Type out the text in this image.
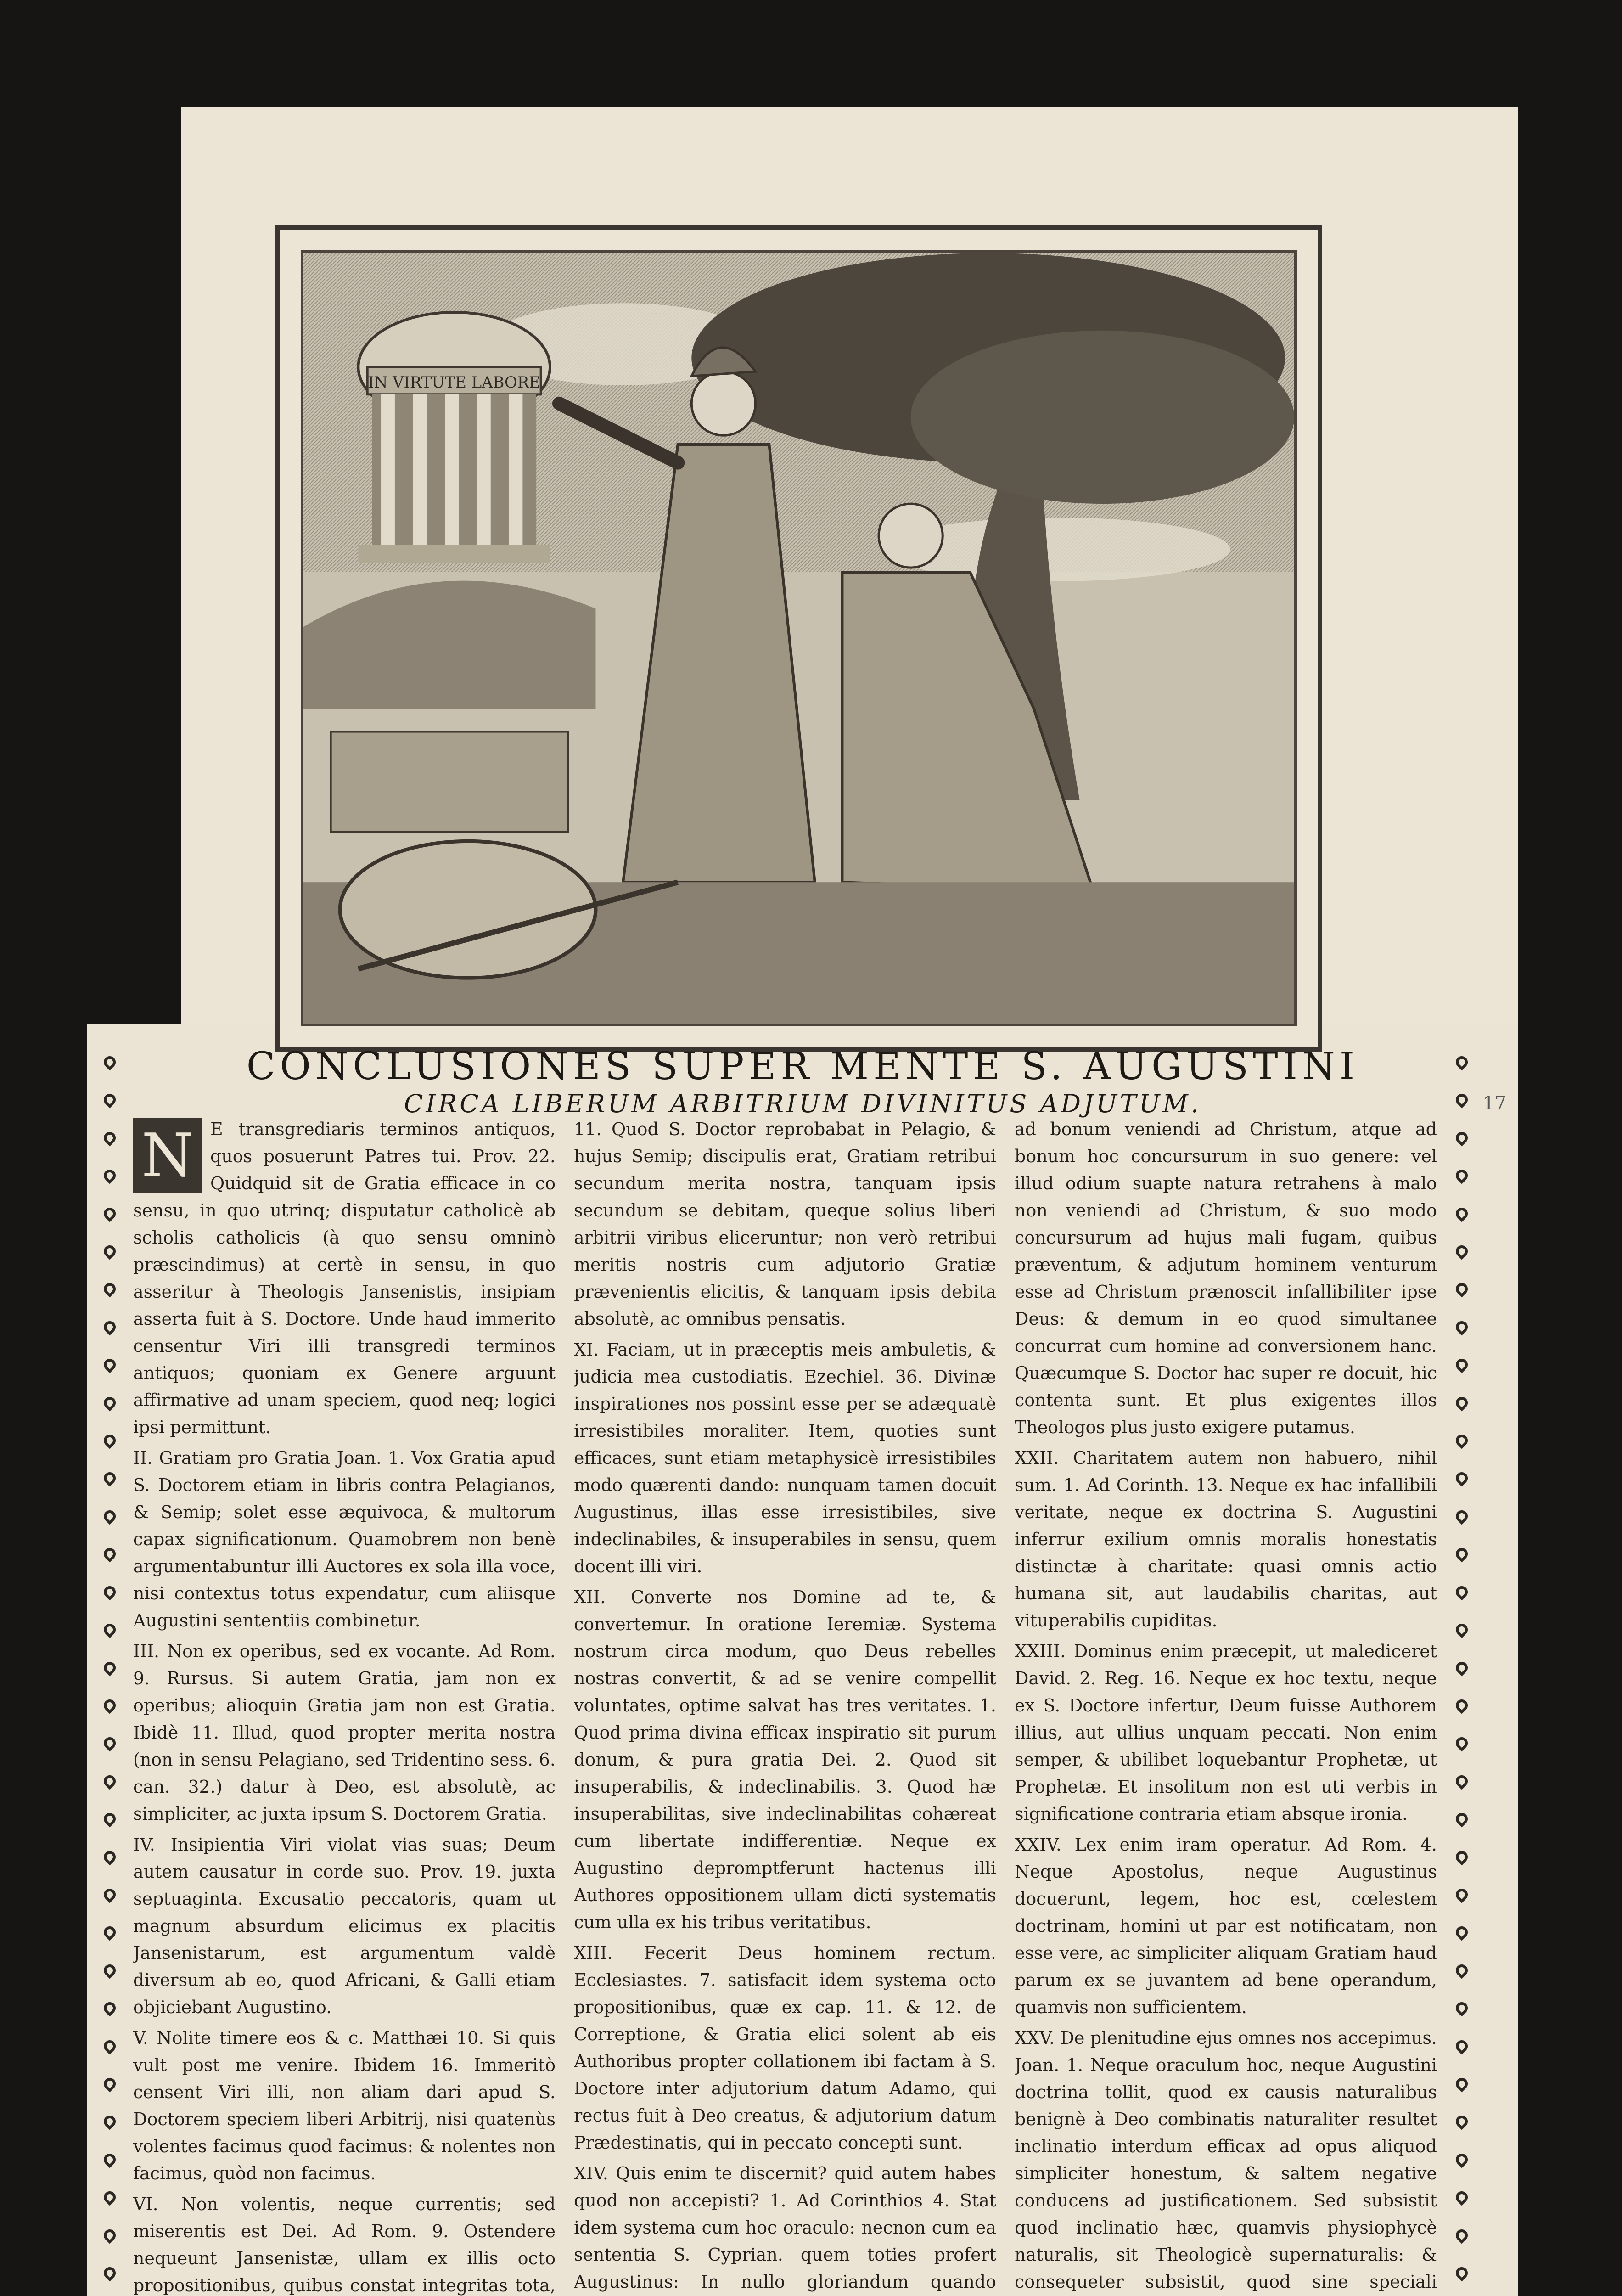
IN VIRTUTE LABORE
17
CONCLUSIONES SUPER MENTE S. AUGUSTINI
CIRCA LIBERUM ARBITRIUM DIVINITUS ADJUTUM.

N E transgrediaris terminos antiquos, quos posuerunt Patres tui. Prov. 22. Quidquid sit de Gratia efficace in co sensu, in quo utrinq; disputatur catholicè ab scholis catholicis (à quo sensu omninò præscindimus) at certè in sensu, in quo asseritur à Theologis Jansenistis, insipiam asserta fuit à S. Doctore. Unde haud immerito censentur Viri illi transgredi terminos antiquos; quoniam ex Genere arguunt affirmative ad unam speciem, quod neq; logici ipsi permittunt.

II. Gratiam pro Gratia Joan. 1. Vox Gratia apud S. Doctorem etiam in libris contra Pelagianos, & Semip; solet esse æquivoca, & multorum capax significationum. Quamobrem non benè argumentabuntur illi Auctores ex sola illa voce, nisi contextus totus expendatur, cum aliisque Augustini sententiis combinetur.

III. Non ex operibus, sed ex vocante. Ad Rom. 9. Rursus. Si autem Gratia, jam non ex operibus; alioquin Gratia jam non est Gratia. Ibidè 11. Illud, quod propter merita nostra (non in sensu Pelagiano, sed Tridentino sess. 6. can. 32.) datur à Deo, est absolutè, ac simpliciter, ac juxta ipsum S. Doctorem Gratia.

IV. Insipientia Viri violat vias suas; Deum autem causatur in corde suo. Prov. 19. juxta septuaginta. Excusatio peccatoris, quam ut magnum absurdum elicimus ex placitis Jansenistarum, est argumentum valdè diversum ab eo, quod Africani, & Galli etiam objiciebant Augustino.

V. Nolite timere eos & c. Matthæi 10. Si quis vult post me venire. Ibidem 16. Immeritò censent Viri illi, non aliam dari apud S. Doctorem speciem liberi Arbitrij, nisi quatenùs volentes facimus quod facimus: & nolentes non facimus, quòd non facimus.

VI. Non volentis, neque currentis; sed miserentis est Dei. Ad Rom. 9. Ostendere nequeunt Jansenistæ, ullam ex illis octo propositionibus, quibus constat integritas tota,

11. Quod S. Doctor reprobabat in Pelagio, & hujus Semip; discipulis erat, Gratiam retribui secundum merita nostra, tanquam ipsis secundum se debitam, queque solius liberi arbitrii viribus eliceruntur; non verò retribui meritis nostris cum adjutorio Gratiæ prævenientis elicitis, & tanquam ipsis debita absolutè, ac omnibus pensatis.

XI. Faciam, ut in præceptis meis ambuletis, & judicia mea custodiatis. Ezechiel. 36. Divinæ inspirationes nos possint esse per se adæquatè irresistibiles moraliter. Item, quoties sunt efficaces, sunt etiam metaphysicè irresistibiles modo quærenti dando: nunquam tamen docuit Augustinus, illas esse irresistibiles, sive indeclinabiles, & insuperabiles in sensu, quem docent illi viri.

XII. Converte nos Domine ad te, & convertemur. In oratione Ieremiæ. Systema nostrum circa modum, quo Deus rebelles nostras convertit, & ad se venire compellit voluntates, optime salvat has tres veritates. 1. Quod prima divina efficax inspiratio sit purum donum, & pura gratia Dei. 2. Quod sit insuperabilis, & indeclinabilis. 3. Quod hæ insuperabilitas, sive indeclinabilitas cohæreat cum libertate indifferentiæ. Neque ex Augustino depromptferunt hactenus illi Authores oppositionem ullam dicti systematis cum ulla ex his tribus veritatibus.

XIII. Fecerit Deus hominem rectum. Ecclesiastes. 7. satisfacit idem systema octo propositionibus, quæ ex cap. 11. & 12. de Correptione, & Gratia elici solent ab eis Authoribus propter collationem ibi factam à S. Doctore inter adjutorium datum Adamo, qui rectus fuit à Deo creatus, & adjutorium datum Prædestinatis, qui in peccato concepti sunt.

XIV. Quis enim te discernit? quid autem habes quod non accepisti? 1. Ad Corinthios 4. Stat idem systema cum hoc oraculo: necnon cum ea sententia S. Cyprian. quem toties profert Augustinus: In nullo gloriandum quando

ad bonum veniendi ad Christum, atque ad bonum hoc concursurum in suo genere: vel illud odium suapte natura retrahens à malo non veniendi ad Christum, & suo modo concursurum ad hujus mali fugam, quibus præventum, & adjutum hominem venturum esse ad Christum prænoscit infallibiliter ipse Deus: & demum in eo quod simultanee concurrat cum homine ad conversionem hanc. Quæcumque S. Doctor hac super re docuit, hic contenta sunt. Et plus exigentes illos Theologos plus justo exigere putamus.

XXII. Charitatem autem non habuero, nihil sum. 1. Ad Corinth. 13. Neque ex hac infallibili veritate, neque ex doctrina S. Augustini inferrur exilium omnis moralis honestatis distinctæ à charitate: quasi omnis actio humana sit, aut laudabilis charitas, aut vituperabilis cupiditas.

XXIII. Dominus enim præcepit, ut malediceret David. 2. Reg. 16. Neque ex hoc textu, neque ex S. Doctore infertur, Deum fuisse Authorem illius, aut ullius unquam peccati. Non enim semper, & ubilibet loquebantur Prophetæ, ut Prophetæ. Et insolitum non est uti verbis in significatione contraria etiam absque ironia.

XXIV. Lex enim iram operatur. Ad Rom. 4. Neque Apostolus, neque Augustinus docuerunt, legem, hoc est, cœlestem doctrinam, homini ut par est notificatam, non esse vere, ac simpliciter aliquam Gratiam haud parum ex se juvantem ad bene operandum, quamvis non sufficientem.

XXV. De plenitudine ejus omnes nos accepimus. Joan. 1. Neque oraculum hoc, neque Augustini doctrina tollit, quod ex causis naturalibus benignè à Deo combinatis naturaliter resultet inclinatio interdum efficax ad opus aliquod simpliciter honestum, & saltem negative conducens ad justificationem. Sed subsistit quod inclinatio hæc, quamvis physiophycè naturalis, sit Theologicè supernaturalis: & consequeter subsistit, quod sine speciali
